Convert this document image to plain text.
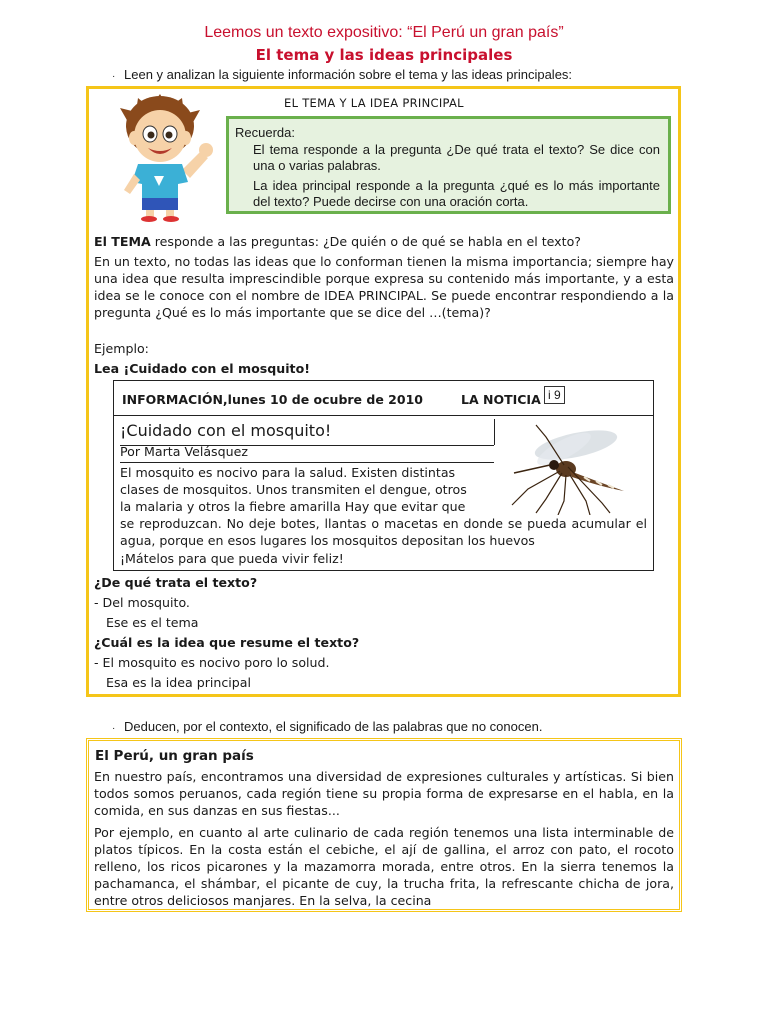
Leemos un texto expositivo: “El Perú un gran país”
El tema y las ideas principales
· Leen y analizan la siguiente información sobre el tema y las ideas principales:
EL TEMA Y LA IDEA PRINCIPAL
Recuerda:

El tema responde a la pregunta ¿De qué trata el texto? Se dice con una o varias palabras.

La idea principal responde a la pregunta ¿qué es lo más importante del texto? Puede decirse con una oración corta.

El TEMA responde a las preguntas: ¿De quién o de qué se habla en el texto?

En un texto, no todas las ideas que lo conforman tienen la misma importancia; siempre hay una idea que resulta imprescindible porque expresa su contenido más importante, y a esta idea se le conoce con el nombre de IDEA PRINCIPAL. Se puede encontrar respondiendo a la pregunta ¿Qué es lo más importante que se dice del …(tema)?

Ejemplo:
Lea ¡Cuidado con el mosquito!
INFORMACIÓN,lunes 10 de ocubre de 2010	LA NOTICIA i 9
¡Cuidado con el mosquito!
Por Marta Velásquez
El mosquito es nocivo para la salud. Existen distintas
clases de mosquitos. Unos transmiten el dengue, otros
la malaria y otros la fiebre amarilla Hay que evitar que
se reproduzcan. No deje botes, llantas o macetas en donde se pueda acumular el agua, porque en esos lugares los mosquitos depositan los huevos
¡Mátelos para que pueda vivir feliz!
¿De qué trata el texto?
- Del mosquito.
Ese es el tema
¿Cuál es la idea que resume el texto?
- El mosquito es nocivo poro lo solud.
Esa es la idea principal
· Deducen, por el contexto, el significado de las palabras que no conocen.
El Perú, un gran país

En nuestro país, encontramos una diversidad de expresiones culturales y artísticas. Si bien todos somos peruanos, cada región tiene su propia forma de expresarse en el habla, en la comida, en sus danzas en sus fiestas...

Por ejemplo, en cuanto al arte culinario de cada región tenemos una lista interminable de platos típicos. En la costa están el cebiche, el ají de gallina, el arroz con pato, el rocoto relleno, los ricos picarones y la mazamorra morada, entre otros. En la sierra tenemos la pachamanca, el shámbar, el picante de cuy, la trucha frita, la refrescante chicha de jora, entre otros deliciosos manjares. En la selva, la cecina
